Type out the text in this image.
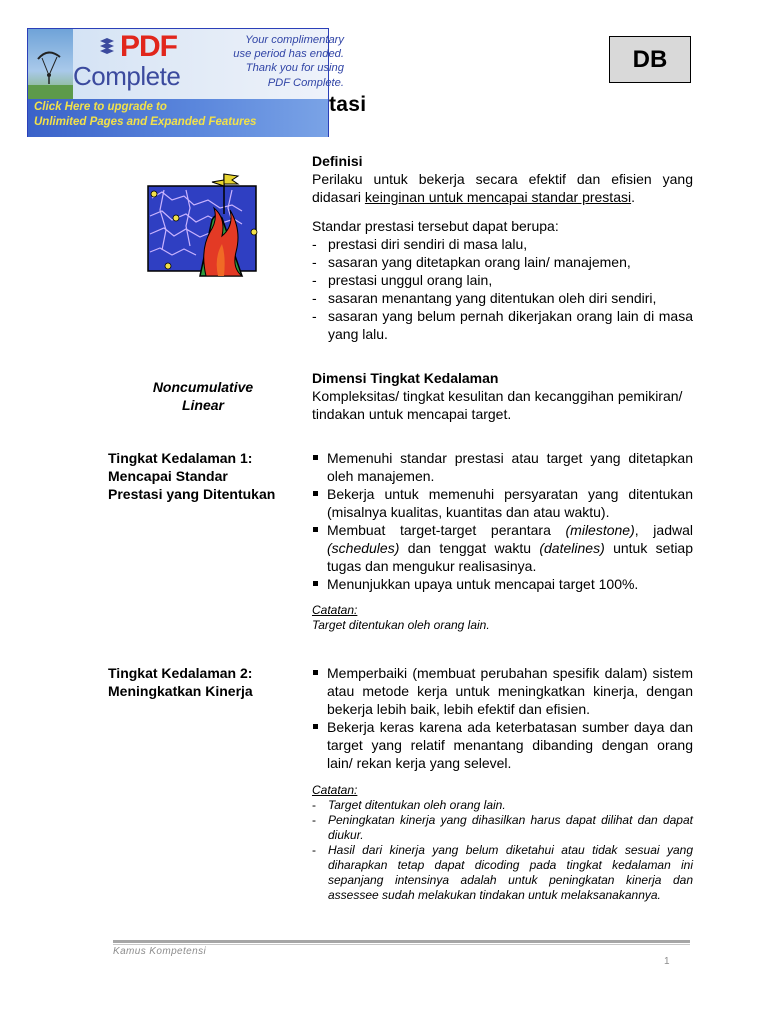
PDF
Complete
Your complimentary
use period has ended.
Thank you for using
PDF Complete.
Click Here to upgrade to
Unlimited Pages and Expanded Features
tasi
DB
Definisi
Perilaku untuk bekerja secara efektif dan efisien yang didasari keinginan untuk mencapai standar prestasi.
Standar prestasi tersebut dapat berupa:
- prestasi diri sendiri di masa lalu,
- sasaran yang ditetapkan orang lain/ manajemen,
- prestasi unggul orang lain,
- sasaran menantang yang ditentukan oleh diri sendiri,
- sasaran yang belum pernah dikerjakan orang lain di masa yang lalu.
Noncumulative
Linear
Dimensi Tingkat Kedalaman
Kompleksitas/ tingkat kesulitan dan kecanggihan pemikiran/ tindakan untuk mencapai target.
Tingkat Kedalaman 1:
Mencapai Standar
Prestasi yang Ditentukan
Memenuhi standar prestasi atau target yang ditetapkan oleh manajemen.
Bekerja untuk memenuhi persyaratan yang ditentukan (misalnya kualitas, kuantitas dan atau waktu).
Membuat target-target perantara (milestone), jadwal (schedules) dan tenggat waktu (datelines) untuk setiap tugas dan mengukur realisasinya.
Menunjukkan upaya untuk mencapai target 100%.
Catatan:
Target ditentukan oleh orang lain.
Tingkat Kedalaman 2:
Meningkatkan Kinerja
Memperbaiki (membuat perubahan spesifik dalam) sistem atau metode kerja untuk meningkatkan kinerja, dengan bekerja lebih baik, lebih efektif dan efisien.
Bekerja keras karena ada keterbatasan sumber daya dan target yang relatif menantang dibanding dengan orang lain/ rekan kerja yang selevel.
Catatan:
- Target ditentukan oleh orang lain.
- Peningkatan kinerja yang dihasilkan harus dapat dilihat dan dapat diukur.
- Hasil dari kinerja yang belum diketahui atau tidak sesuai yang diharapkan tetap dapat dicoding pada tingkat kedalaman ini sepanjang intensinya adalah untuk peningkatan kinerja dan assessee sudah melakukan tindakan untuk melaksanakannya.
Kamus Kompetensi
1
